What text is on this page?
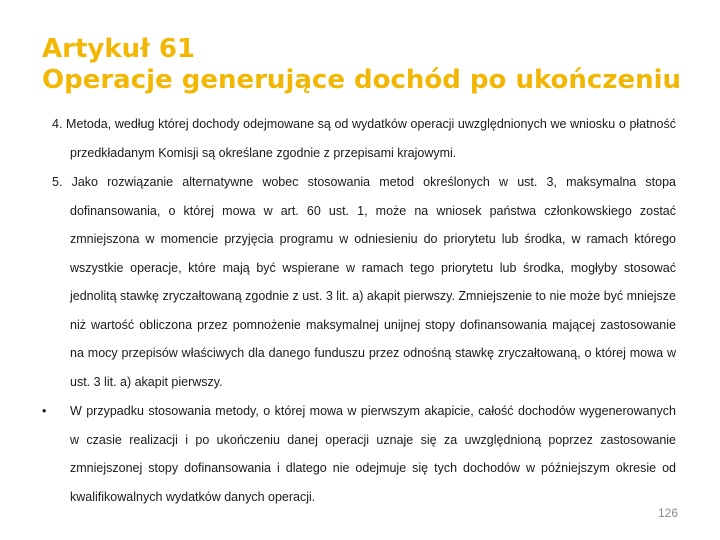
Artykuł 61
Operacje generujące dochód po ukończeniu

4. Metoda, według której dochody odejmowane są od wydatków operacji uwzględnionych we wniosku o płatność przedkładanym Komisji są określane zgodnie z przepisami krajowymi.

5. Jako rozwiązanie alternatywne wobec stosowania metod określonych w ust. 3, maksymalna stopa dofinansowania, o której mowa w art. 60 ust. 1, może na wniosek państwa członkowskiego zostać zmniejszona w momencie przyjęcia programu w odniesieniu do priorytetu lub środka, w ramach którego wszystkie operacje, które mają być wspierane w ramach tego priorytetu lub środka, mogłyby stosować jednolitą stawkę zryczałtowaną zgodnie z ust. 3 lit. a) akapit pierwszy. Zmniejszenie to nie może być mniejsze niż wartość obliczona przez pomnożenie maksymalnej unijnej stopy dofinansowania mającej zastosowanie na mocy przepisów właściwych dla danego funduszu przez odnośną stawkę zryczałtowaną, o której mowa w ust. 3 lit. a) akapit pierwszy.

• W przypadku stosowania metody, o której mowa w pierwszym akapicie, całość dochodów wygenerowanych w czasie realizacji i po ukończeniu danej operacji uznaje się za uwzględnioną poprzez zastosowanie zmniejszonej stopy dofinansowania i dlatego nie odejmuje się tych dochodów w późniejszym okresie od kwalifikowalnych wydatków danych operacji.

126
